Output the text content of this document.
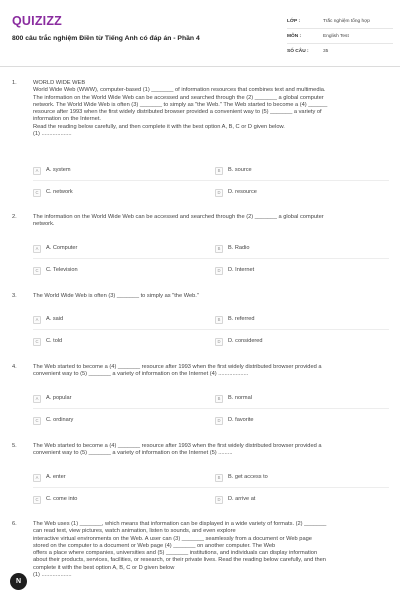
QUIZIZZ
800 câu trắc nghiệm Điền từ Tiếng Anh có đáp án - Phần 4
LỚP :	Trắc nghiệm tổng hợp
MÔN :	English Test
SỐ CÂU :	35
1.	WORLD WIDE WEB
World Wide Web (WWW), computer-based (1) _______ of information resources that combines text and multimedia.
The information on the World Wide Web can be accessed and searched through the (2) _______ a global computer
network. The World Wide Web is often (3) _______ to simply as "the Web." The Web started to become a (4) ______
resource after 1993 when the first widely distributed browser provided a convenient way to (5) _______ a variety of
information on the Internet.
Read the reading below carefully, and then complete it with the best option A, B, C or D given below.
(1) ...................
A	A. system	B	B. source
C	C. network	D	D. resource
2.	The information on the World Wide Web can be accessed and searched through the (2) _______ a global computer
network.
A	A. Computer	B	B. Radio
C	C. Television	D	D. Internet
3.	The World Wide Web is often (3) _______ to simply as "the Web."
A	A. said	B	B. referred
C	C. told	D	D. considered
4.	The Web started to become a (4) _______ resource after 1993 when the first widely distributed browser provided a
convenient way to (5) _______ a variety of information on the Internet (4) ...................
A	A. popular	B	B. normal
C	C. ordinary	D	D. favorite
5.	The Web started to become a (4) _______ resource after 1993 when the first widely distributed browser provided a
convenient way to (5) _______ a variety of information on the Internet (5) .........
A	A. enter	B	B. get access to
C	C. come into	D	D. arrive at
6.	The Web uses (1) _______, which means that information can be displayed in a wide variety of formats. (2) _______
can read text, view pictures, watch animation, listen to sounds, and even explore
interactive virtual environments on the Web. A user can (3) _______ seamlessly from a document or Web page
stored on the computer to a document or Web page (4) _______ on another computer. The Web
offers a place where companies, universities and (5) _______ institutions, and individuals can display information
about their products, services, facilities, or research, or their private lives. Read the reading below carefully, and then
complete it with the best option A, B, C or D given below
(1) ...................
N
